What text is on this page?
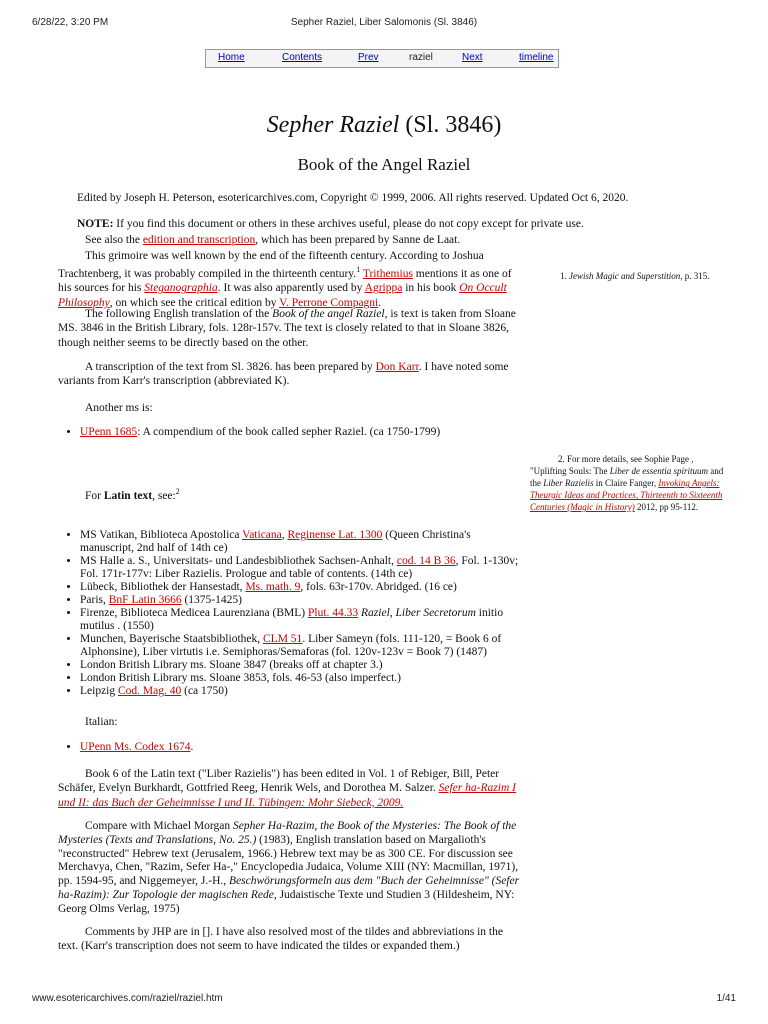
6/28/22, 3:20 PM	Sepher Raziel, Liber Salomonis (Sl. 3846)
Home	Contents	Prev	raziel	Next	timeline
Sepher Raziel (Sl. 3846)
Book of the Angel Raziel
Edited by Joseph H. Peterson, esotericarchives.com, Copyright © 1999, 2006. All rights reserved. Updated Oct 6, 2020.
NOTE: If you find this document or others in these archives useful, please do not copy except for private use.
See also the edition and transcription, which has been prepared by Sanne de Laat.
This grimoire was well known by the end of the fifteenth century. According to Joshua Trachtenberg, it was probably compiled in the thirteenth century.$^1$ Trithemius mentions it as one of his sources for his Steganographia. It was also apparently used by Agrippa in his book On Occult Philosophy, on which see the critical edition by V. Perrone Compagni.
The following English translation of the Book of the angel Raziel, is text is taken from Sloane MS. 3846 in the British Library, fols. 128r-157v. The text is closely related to that in Sloane 3826, though neither seems to be directly based on the other.
A transcription of the text from Sl. 3826. has been prepared by Don Karr. I have noted some variants from Karr's transcription (abbreviated K).
Another ms is:
• UPenn 1685: A compendium of the book called sepher Raziel. (ca 1750-1799)
For Latin text, see:$^2$
• MS Vatikan, Biblioteca Apostolica Vaticana, Reginense Lat. 1300 (Queen Christina's manuscript, 2nd half of 14th ce)
• MS Halle a. S., Universitats- und Landesbibliothek Sachsen-Anhalt, cod. 14 B 36, Fol. 1-130v; Fol. 171r-177v: Liber Razielis. Prologue and table of contents. (14th ce)
• Lübeck, Bibliothek der Hansestadt, Ms. math. 9, fols. 63r-170v. Abridged. (16 ce)
• Paris, BnF Latin 3666 (1375-1425)
• Firenze, Biblioteca Medicea Laurenziana (BML) Plut. 44.33 Raziel, Liber Secretorum initio mutilus . (1550)
• Munchen, Bayerische Staatsbibliothek, CLM 51. Liber Sameyn (fols. 111-120, = Book 6 of Alphonsine), Liber virtutis i.e. Semiphoras/Semaforas (fol. 120v-123v = Book 7) (1487)
• London British Library ms. Sloane 3847 (breaks off at chapter 3.)
• London British Library ms. Sloane 3853, fols. 46-53 (also imperfect.)
• Leipzig Cod. Mag. 40 (ca 1750)
Italian:
• UPenn Ms. Codex 1674.
Book 6 of the Latin text ("Liber Razielis") has been edited in Vol. 1 of Rebiger, Bill, Peter Schäfer, Evelyn Burkhardt, Gottfried Reeg, Henrik Wels, and Dorothea M. Salzer. Sefer ha-Razim I und II: das Buch der Geheimnisse I und II. Tübingen: Mohr Siebeck, 2009.
Compare with Michael Morgan Sepher Ha-Razim, the Book of the Mysteries: The Book of the Mysteries (Texts and Translations, No. 25.) (1983), English translation based on Margalioth's "reconstructed" Hebrew text (Jerusalem, 1966.) Hebrew text may be as 300 CE. For discussion see Merchavya, Chen, "Razim, Sefer Ha-," Encyclopedia Judaica, Volume XIII (NY: Macmillan, 1971), pp. 1594-95, and Niggemeyer, J.-H., Beschwörungsformeln aus dem "Buch der Geheimnisse" (Sefer ha-Razim): Zur Topologie der magischen Rede, Judaistische Texte und Studien 3 (Hildesheim, NY: Georg Olms Verlag, 1975)
Comments by JHP are in []. I have also resolved most of the tildes and abbreviations in the text. (Karr's transcription does not seem to have indicated the tildes or expanded them.)
1. Jewish Magic and Superstition, p. 315.
2. For more details, see Sophie Page , "Uplifting Souls: The Liber de essentia spirituum and the Liber Razielis in Claire Fanger, Invoking Angels: Theurgic Ideas and Practices, Thirteenth to Sixteenth Centuries (Magic in History) 2012, pp 95-112.
www.esotericarchives.com/raziel/raziel.htm	1/41
